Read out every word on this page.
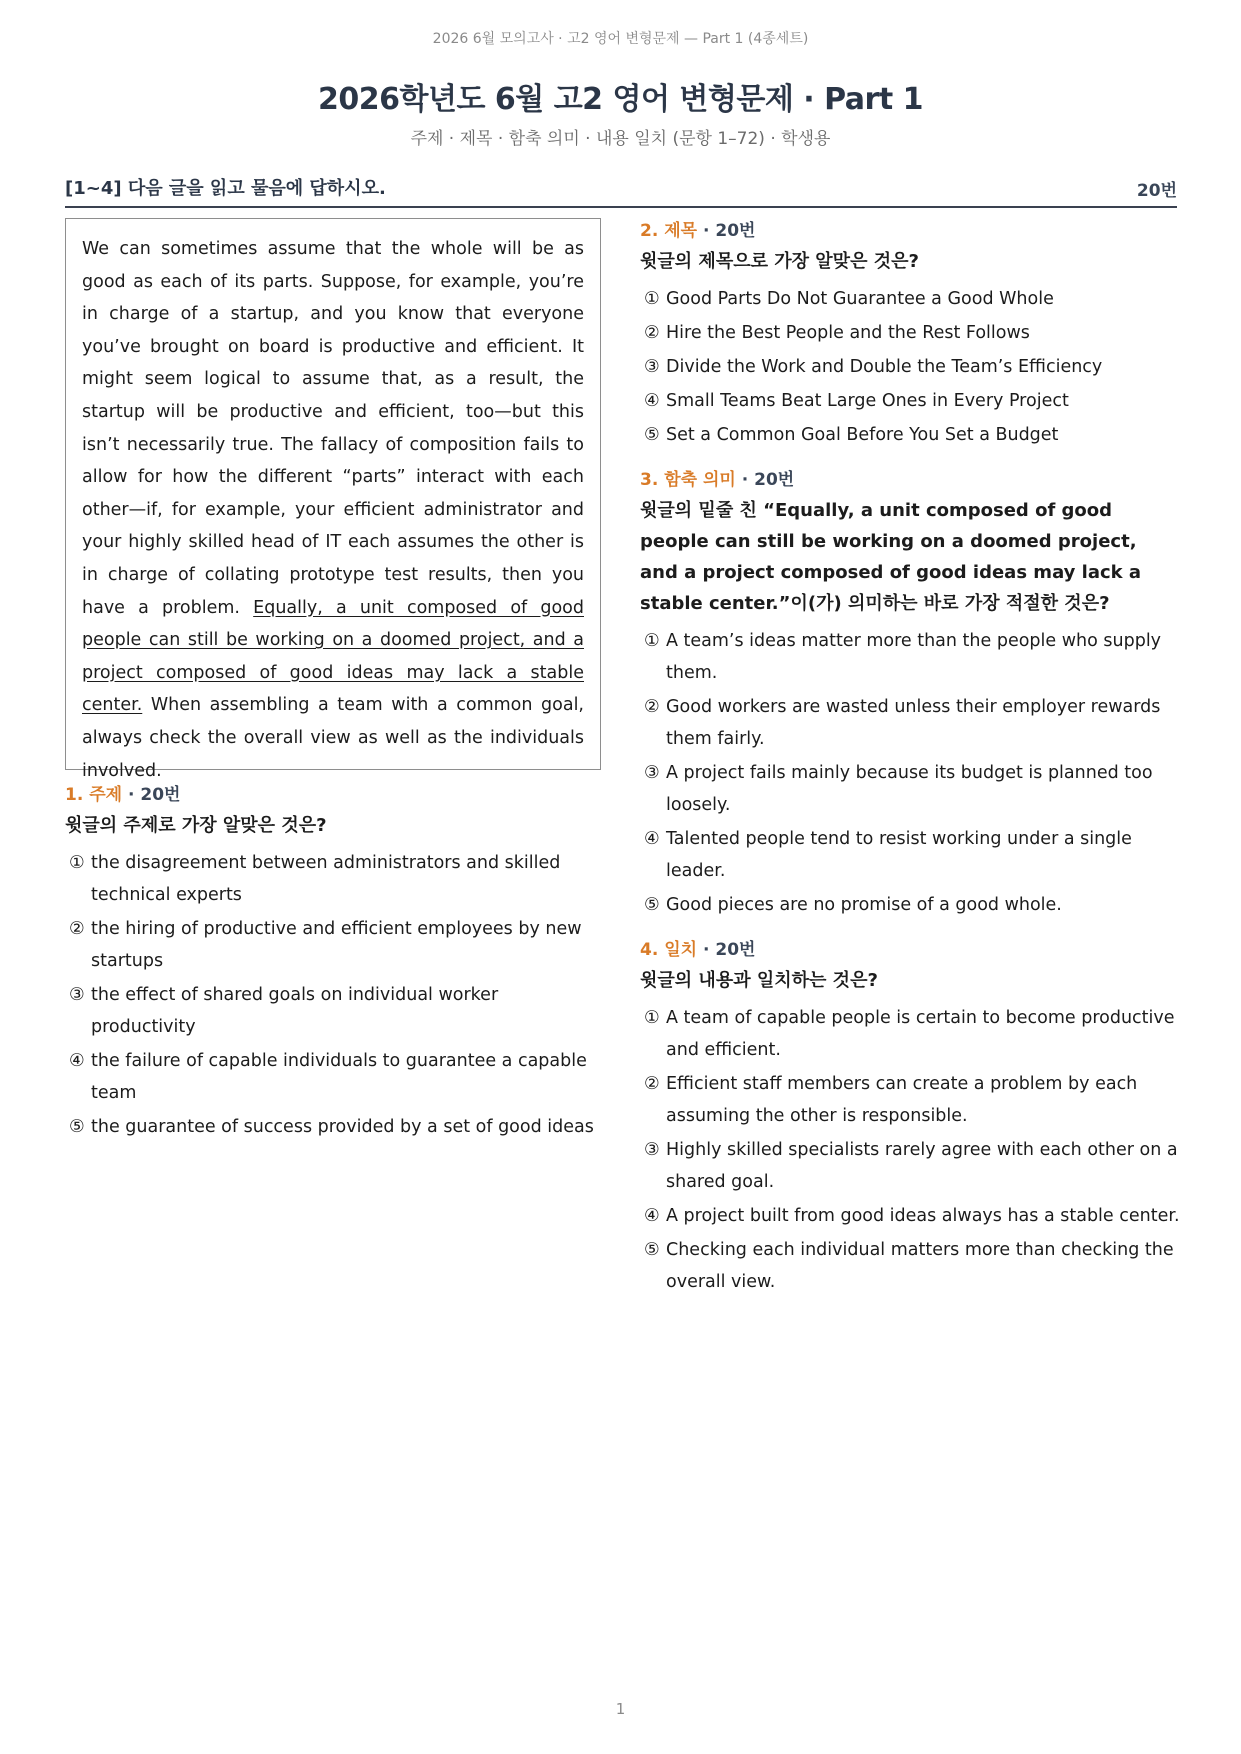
2026 6월 모의고사 · 고2 영어 변형문제 — Part 1 (4종세트)
2026학년도 6월 고2 영어 변형문제 · Part 1
주제 · 제목 · 함축 의미 · 내용 일치 (문항 1–72) · 학생용
[1~4] 다음 글을 읽고 물음에 답하시오.	20번
We can sometimes assume that the whole will be as good as each of its parts. Suppose, for example, you’re in charge of a startup, and you know that everyone you’ve brought on board is productive and efficient. It might seem logical to assume that, as a result, the startup will be productive and efficient, too—but this isn’t necessarily true. The fallacy of composition fails to allow for how the different “parts” interact with each other—if, for example, your efficient administrator and your highly skilled head of IT each assumes the other is in charge of collating prototype test results, then you have a problem. Equally, a unit composed of good people can still be working on a doomed project, and a project composed of good ideas may lack a stable center. When assembling a team with a common goal, always check the overall view as well as the individuals involved.
1. 주제 · 20번
윗글의 주제로 가장 알맞은 것은?
① the disagreement between administrators and skilled technical experts
② the hiring of productive and efficient employees by new startups
③ the effect of shared goals on individual worker productivity
④ the failure of capable individuals to guarantee a capable team
⑤ the guarantee of success provided by a set of good ideas
2. 제목 · 20번
윗글의 제목으로 가장 알맞은 것은?
① Good Parts Do Not Guarantee a Good Whole
② Hire the Best People and the Rest Follows
③ Divide the Work and Double the Team’s Efficiency
④ Small Teams Beat Large Ones in Every Project
⑤ Set a Common Goal Before You Set a Budget
3. 함축 의미 · 20번
윗글의 밑줄 친 “Equally, a unit composed of good people can still be working on a doomed project, and a project composed of good ideas may lack a stable center.”이(가) 의미하는 바로 가장 적절한 것은?
① A team’s ideas matter more than the people who supply them.
② Good workers are wasted unless their employer rewards them fairly.
③ A project fails mainly because its budget is planned too loosely.
④ Talented people tend to resist working under a single leader.
⑤ Good pieces are no promise of a good whole.
4. 일치 · 20번
윗글의 내용과 일치하는 것은?
① A team of capable people is certain to become productive and efficient.
② Efficient staff members can create a problem by each assuming the other is responsible.
③ Highly skilled specialists rarely agree with each other on a shared goal.
④ A project built from good ideas always has a stable center.
⑤ Checking each individual matters more than checking the overall view.
1
